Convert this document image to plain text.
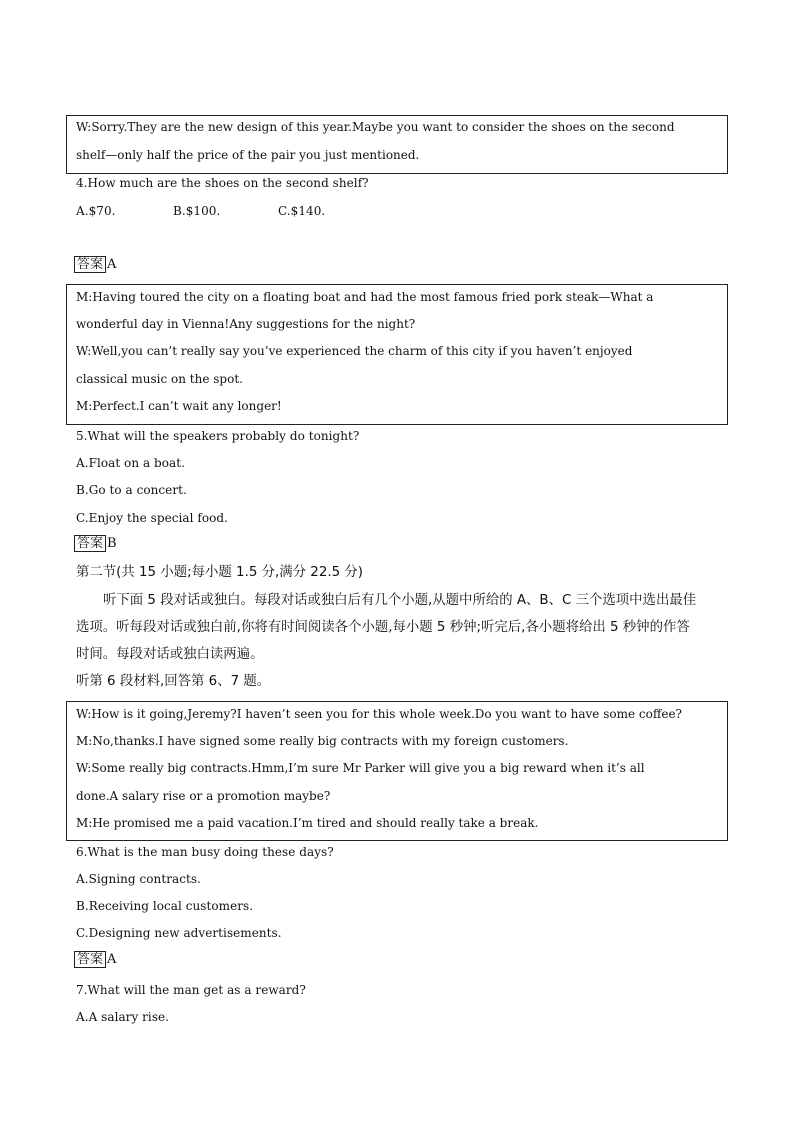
W:Sorry.They are the new design of this year.Maybe you want to consider the shoes on the second
shelf—only half the price of the pair you just mentioned.
4.How much are the shoes on the second shelf?
A.$70.	B.$100.	C.$140.
答案 A
M:Having toured the city on a floating boat and had the most famous fried pork steak—What a
wonderful day in Vienna!Any suggestions for the night?
W:Well,you can’t really say you’ve experienced the charm of this city if you haven’t enjoyed
classical music on the spot.
M:Perfect.I can’t wait any longer!
5.What will the speakers probably do tonight?
A.Float on a boat.
B.Go to a concert.
C.Enjoy the special food.
答案 B
第二节(共 15 小题;每小题 1.5 分,满分 22.5 分)
听下面 5 段对话或独白。每段对话或独白后有几个小题,从题中所给的 A、B、C 三个选项中选出最佳
选项。听每段对话或独白前,你将有时间阅读各个小题,每小题 5 秒钟;听完后,各小题将给出 5 秒钟的作答
时间。每段对话或独白读两遍。
听第 6 段材料,回答第 6、7 题。
W:How is it going,Jeremy?I haven’t seen you for this whole week.Do you want to have some coffee?
M:No,thanks.I have signed some really big contracts with my foreign customers.
W:Some really big contracts.Hmm,I’m sure Mr Parker will give you a big reward when it’s all
done.A salary rise or a promotion maybe?
M:He promised me a paid vacation.I’m tired and should really take a break.
6.What is the man busy doing these days?
A.Signing contracts.
B.Receiving local customers.
C.Designing new advertisements.
答案 A
7.What will the man get as a reward?
A.A salary rise.
